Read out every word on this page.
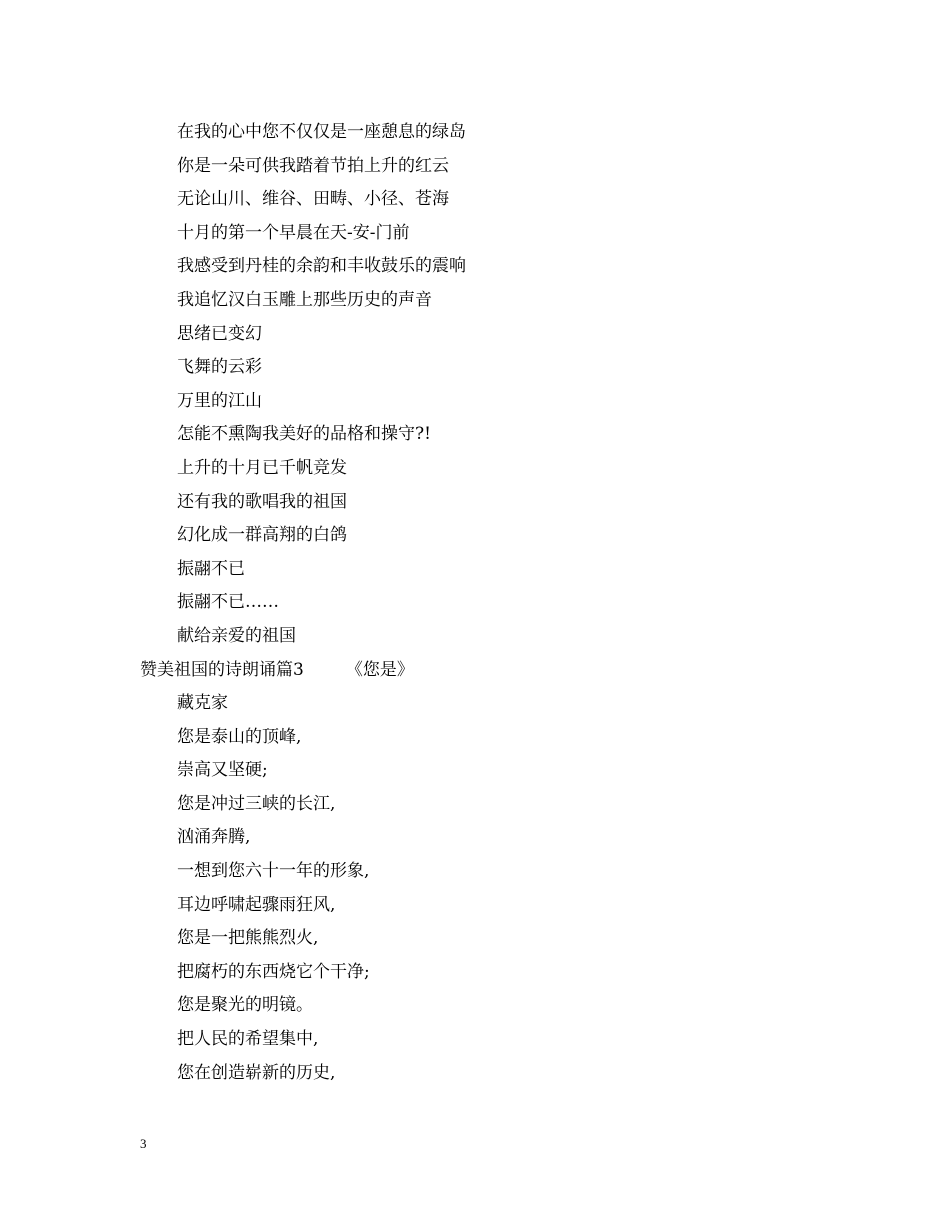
在我的心中您不仅仅是一座憩息的绿岛
你是一朵可供我踏着节拍上升的红云
无论山川、维谷、田畴、小径、苍海
十月的第一个早晨在天-安-门前
我感受到丹桂的余韵和丰收鼓乐的震响
我追忆汉白玉雕上那些历史的声音
思绪已变幻
飞舞的云彩
万里的江山
怎能不熏陶我美好的品格和操守?!
上升的十月已千帆竞发
还有我的歌唱我的祖国
幻化成一群高翔的白鸽
振翮不已
振翮不已……
献给亲爱的祖国
赞美祖国的诗朗诵篇3 《您是》
藏克家
您是泰山的顶峰,
崇高又坚硬;
您是冲过三峡的长江,
汹涌奔腾,
一想到您六十一年的形象,
耳边呼啸起骤雨狂风,
您是一把熊熊烈火,
把腐朽的东西烧它个干净;
您是聚光的明镜。
把人民的希望集中,
您在创造崭新的历史,
3
